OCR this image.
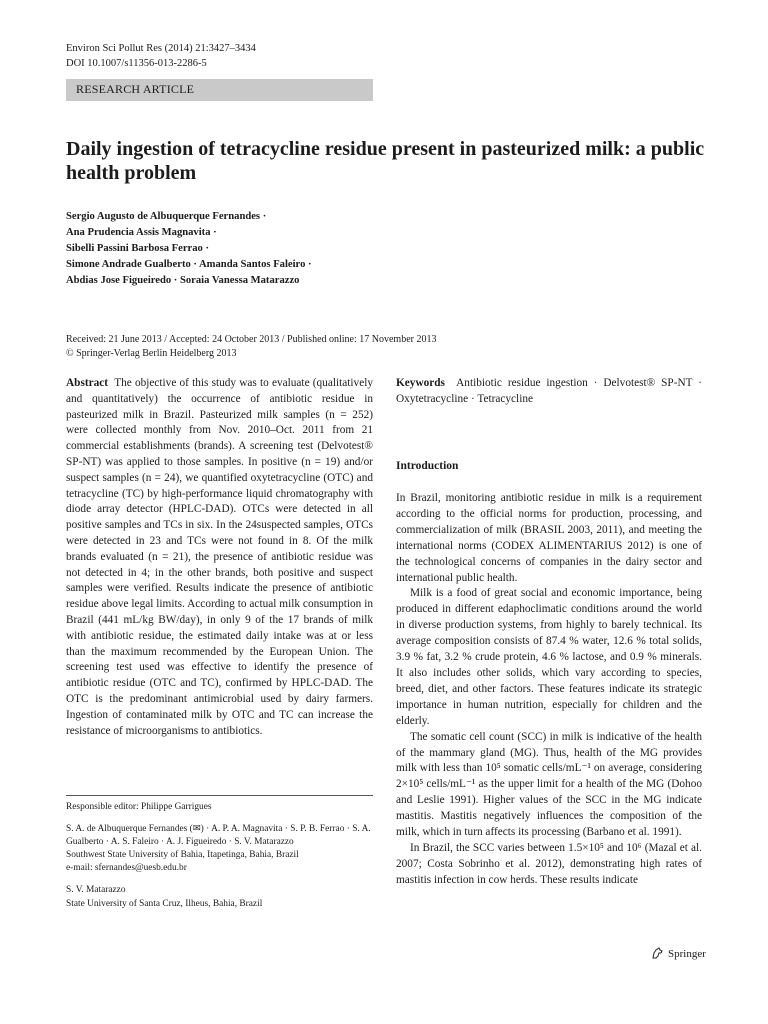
Environ Sci Pollut Res (2014) 21:3427–3434
DOI 10.1007/s11356-013-2286-5
RESEARCH ARTICLE
Daily ingestion of tetracycline residue present in pasteurized milk: a public health problem
Sergio Augusto de Albuquerque Fernandes ·
Ana Prudencia Assis Magnavita ·
Sibelli Passini Barbosa Ferrao ·
Simone Andrade Gualberto · Amanda Santos Faleiro ·
Abdias Jose Figueiredo · Soraia Vanessa Matarazzo
Received: 21 June 2013 / Accepted: 24 October 2013 / Published online: 17 November 2013
© Springer-Verlag Berlin Heidelberg 2013

Abstract The objective of this study was to evaluate (qualitatively and quantitatively) the occurrence of antibiotic residue in pasteurized milk in Brazil. Pasteurized milk samples (n = 252) were collected monthly from Nov. 2010–Oct. 2011 from 21 commercial establishments (brands). A screening test (Delvotest® SP-NT) was applied to those samples. In positive (n = 19) and/or suspect samples (n = 24), we quantified oxytetracycline (OTC) and tetracycline (TC) by high-performance liquid chromatography with diode array detector (HPLC-DAD). OTCs were detected in all positive samples and TCs in six. In the 24suspected samples, OTCs were detected in 23 and TCs were not found in 8. Of the milk brands evaluated (n = 21), the presence of antibiotic residue was not detected in 4; in the other brands, both positive and suspect samples were verified. Results indicate the presence of antibiotic residue above legal limits. According to actual milk consumption in Brazil (441 mL/kg BW/day), in only 9 of the 17 brands of milk with antibiotic residue, the estimated daily intake was at or less than the maximum recommended by the European Union. The screening test used was effective to identify the presence of antibiotic residue (OTC and TC), confirmed by HPLC-DAD. The OTC is the predominant antimicrobial used by dairy farmers. Ingestion of contaminated milk by OTC and TC can increase the resistance of microorganisms to antibiotics.

Keywords Antibiotic residue ingestion · Delvotest® SP-NT · Oxytetracycline · Tetracycline

Introduction

In Brazil, monitoring antibiotic residue in milk is a requirement according to the official norms for production, processing, and commercialization of milk (BRASIL 2003, 2011), and meeting the international norms (CODEX ALIMENTARIUS 2012) is one of the technological concerns of companies in the dairy sector and international public health.

Milk is a food of great social and economic importance, being produced in different edaphoclimatic conditions around the world in diverse production systems, from highly to barely technical. Its average composition consists of 87.4 % water, 12.6 % total solids, 3.9 % fat, 3.2 % crude protein, 4.6 % lactose, and 0.9 % minerals. It also includes other solids, which vary according to species, breed, diet, and other factors. These features indicate its strategic importance in human nutrition, especially for children and the elderly.

The somatic cell count (SCC) in milk is indicative of the health of the mammary gland (MG). Thus, health of the MG provides milk with less than 10⁵ somatic cells/mL⁻¹ on average, considering 2×10⁵ cells/mL⁻¹ as the upper limit for a health of the MG (Dohoo and Leslie 1991). Higher values of the SCC in the MG indicate mastitis. Mastitis negatively influences the composition of the milk, which in turn affects its processing (Barbano et al. 1991).

In Brazil, the SCC varies between 1.5×10⁵ and 10⁶ (Mazal et al. 2007; Costa Sobrinho et al. 2012), demonstrating high rates of mastitis infection in cow herds. These results indicate

Responsible editor: Philippe Garrigues
S. A. de Albuquerque Fernandes (✉) · A. P. A. Magnavita · S. P. B. Ferrao · S. A. Gualberto · A. S. Faleiro · A. J. Figueiredo · S. V. Matarazzo
Southwest State University of Bahia, Itapetinga, Bahia, Brazil
e-mail: sfernandes@uesb.edu.br
S. V. Matarazzo
State University of Santa Cruz, Ilheus, Bahia, Brazil
Springer
